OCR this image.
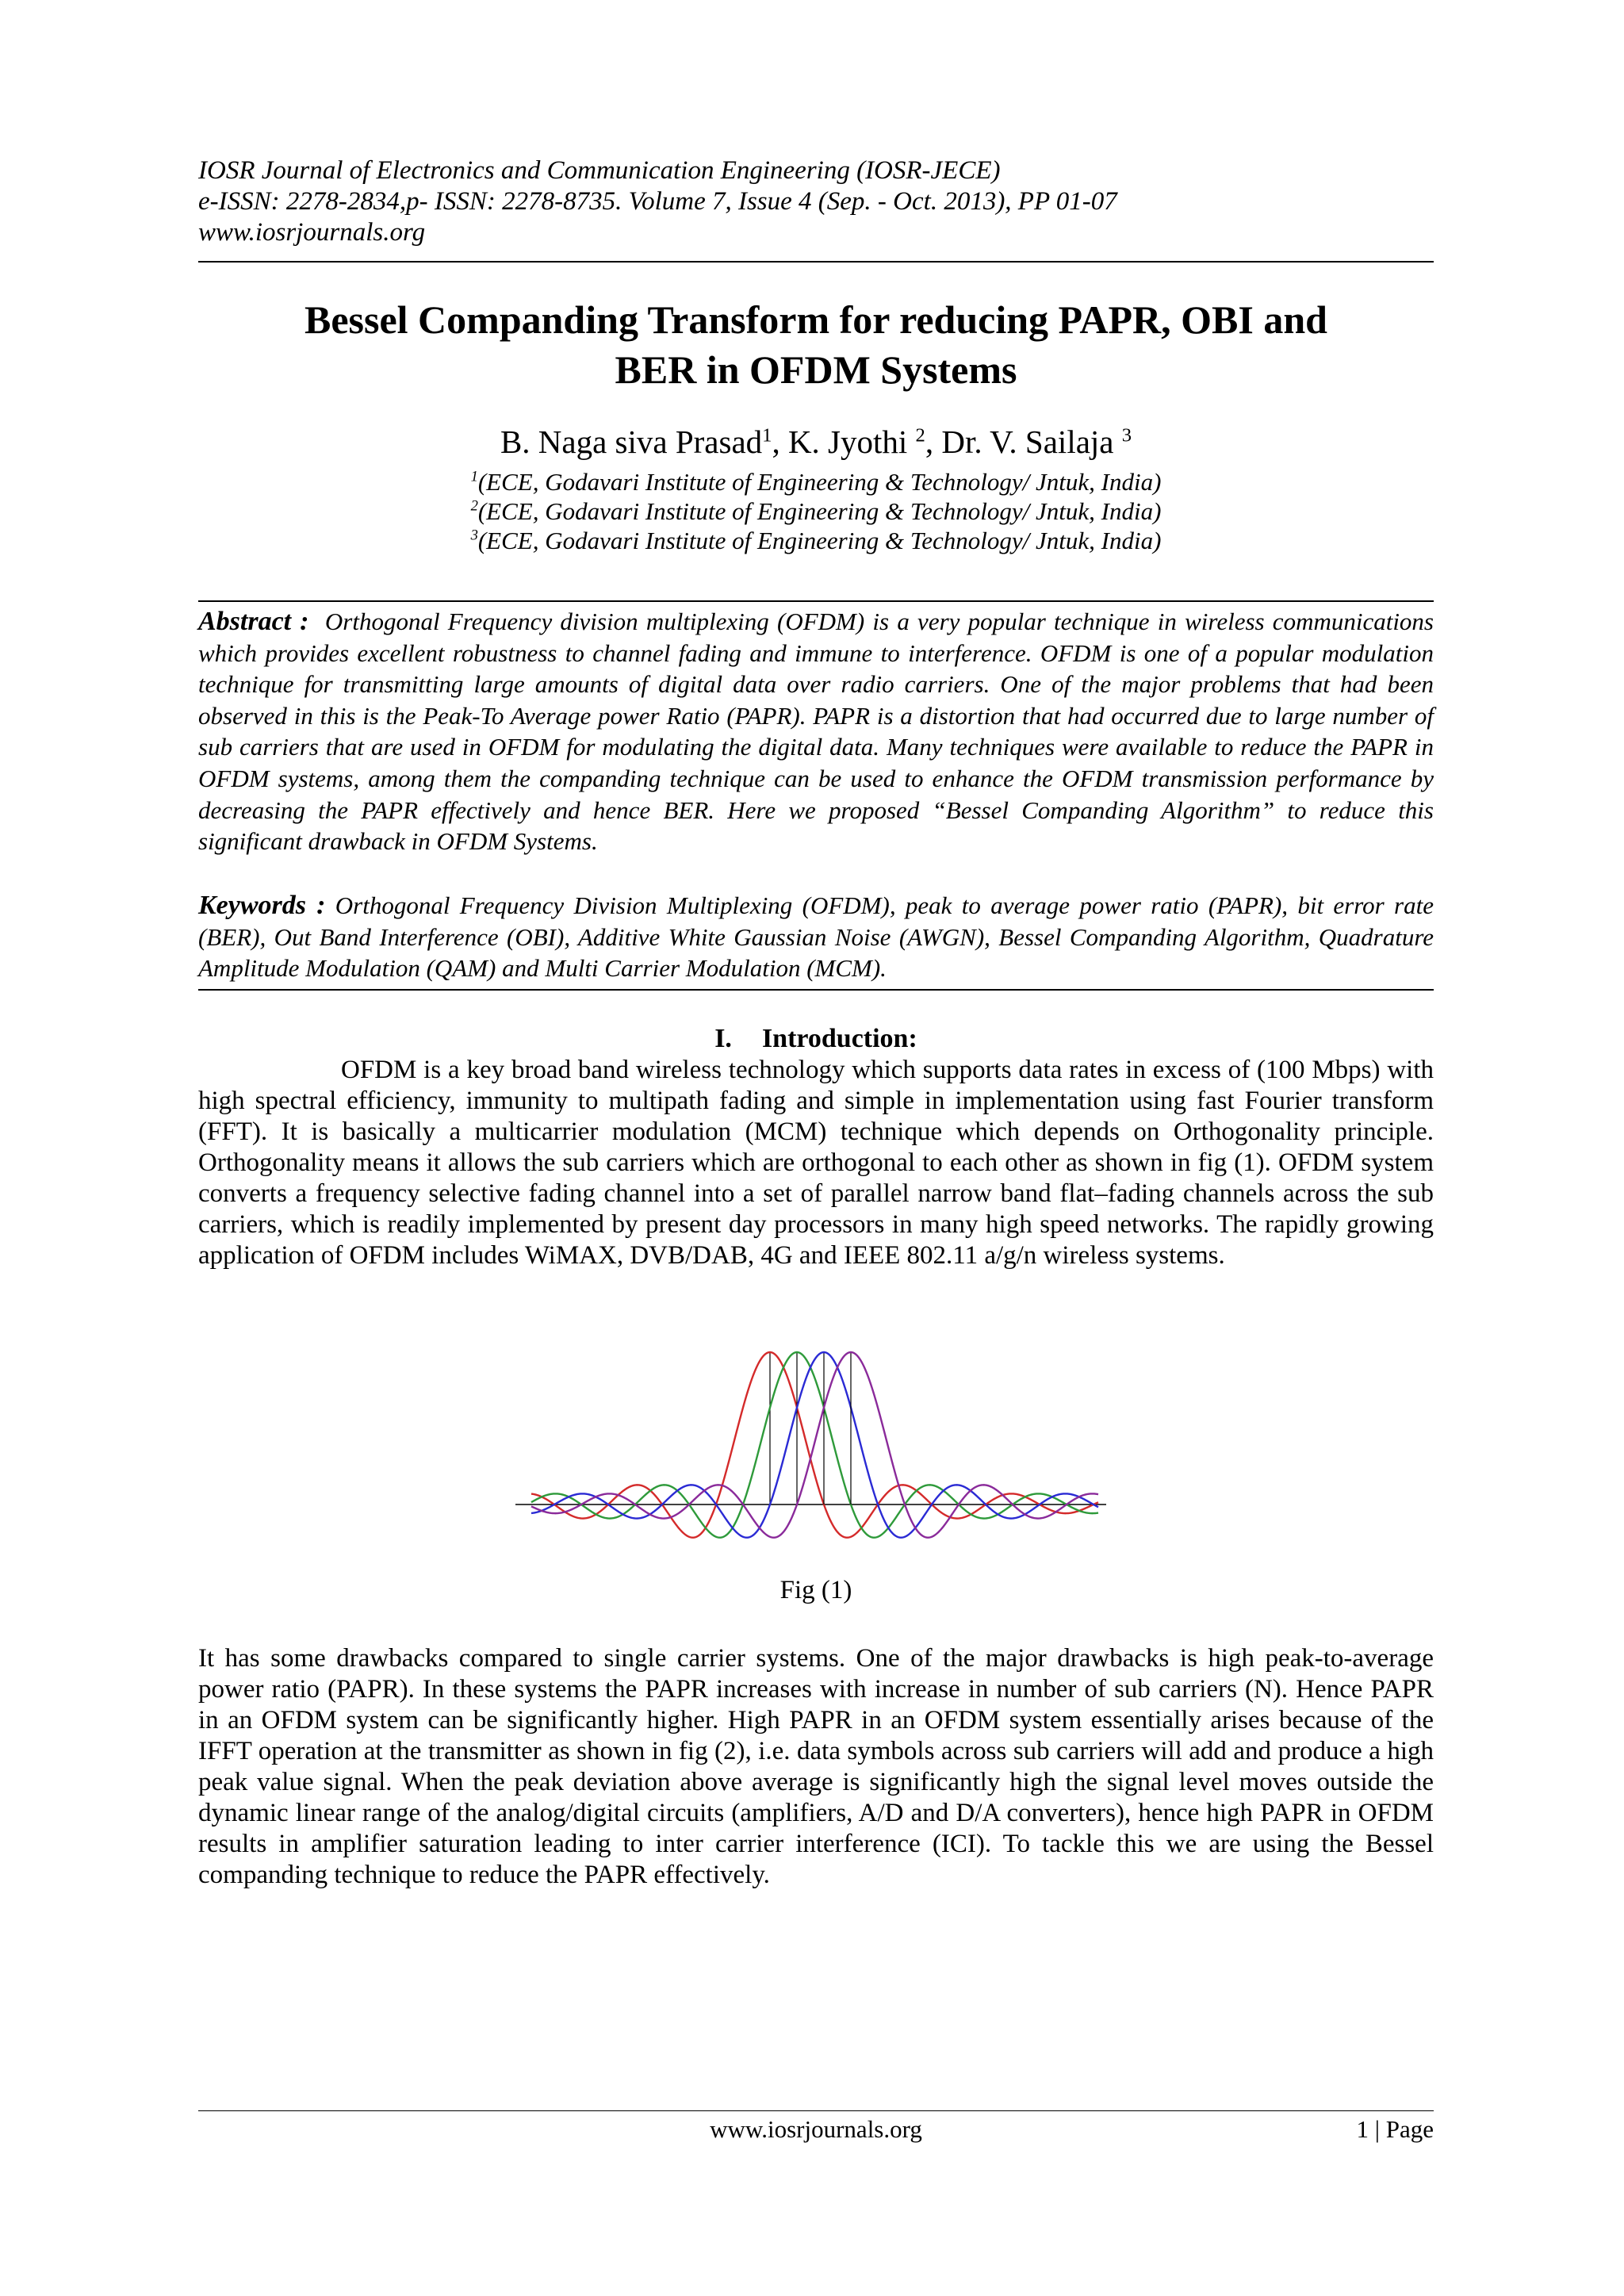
IOSR Journal of Electronics and Communication Engineering (IOSR-JECE)
e-ISSN: 2278-2834,p- ISSN: 2278-8735. Volume 7, Issue 4 (Sep. - Oct. 2013), PP 01-07
www.iosrjournals.org
Bessel Companding Transform for reducing PAPR, OBI and
BER in OFDM Systems
B. Naga siva Prasad$^1$, K. Jyothi $^2$, Dr. V. Sailaja $^3$
$^1$(ECE, Godavari Institute of Engineering & Technology/ Jntuk, India)
$^2$(ECE, Godavari Institute of Engineering & Technology/ Jntuk, India)
$^3$(ECE, Godavari Institute of Engineering & Technology/ Jntuk, India)
Abstract : Orthogonal Frequency division multiplexing (OFDM) is a very popular technique in wireless communications which provides excellent robustness to channel fading and immune to interference. OFDM is one of a popular modulation technique for transmitting large amounts of digital data over radio carriers. One of the major problems that had been observed in this is the Peak-To Average power Ratio (PAPR). PAPR is a distortion that had occurred due to large number of sub carriers that are used in OFDM for modulating the digital data. Many techniques were available to reduce the PAPR in OFDM systems, among them the companding technique can be used to enhance the OFDM transmission performance by decreasing the PAPR effectively and hence BER. Here we proposed “Bessel Companding Algorithm” to reduce this significant drawback in OFDM Systems.
Keywords : Orthogonal Frequency Division Multiplexing (OFDM), peak to average power ratio (PAPR), bit error rate (BER), Out Band Interference (OBI), Additive White Gaussian Noise (AWGN), Bessel Companding Algorithm, Quadrature Amplitude Modulation (QAM) and Multi Carrier Modulation (MCM).
I. Introduction:
OFDM is a key broad band wireless technology which supports data rates in excess of (100 Mbps) with high spectral efficiency, immunity to multipath fading and simple in implementation using fast Fourier transform (FFT). It is basically a multicarrier modulation (MCM) technique which depends on Orthogonality principle. Orthogonality means it allows the sub carriers which are orthogonal to each other as shown in fig (1). OFDM system converts a frequency selective fading channel into a set of parallel narrow band flat–fading channels across the sub carriers, which is readily implemented by present day processors in many high speed networks. The rapidly growing application of OFDM includes WiMAX, DVB/DAB, 4G and IEEE 802.11 a/g/n wireless systems.
Fig (1)
It has some drawbacks compared to single carrier systems. One of the major drawbacks is high peak-to-average power ratio (PAPR). In these systems the PAPR increases with increase in number of sub carriers (N). Hence PAPR in an OFDM system can be significantly higher. High PAPR in an OFDM system essentially arises because of the IFFT operation at the transmitter as shown in fig (2), i.e. data symbols across sub carriers will add and produce a high peak value signal. When the peak deviation above average is significantly high the signal level moves outside the dynamic linear range of the analog/digital circuits (amplifiers, A/D and D/A converters), hence high PAPR in OFDM results in amplifier saturation leading to inter carrier interference (ICI). To tackle this we are using the Bessel companding technique to reduce the PAPR effectively.
www.iosrjournals.org	1 | Page
